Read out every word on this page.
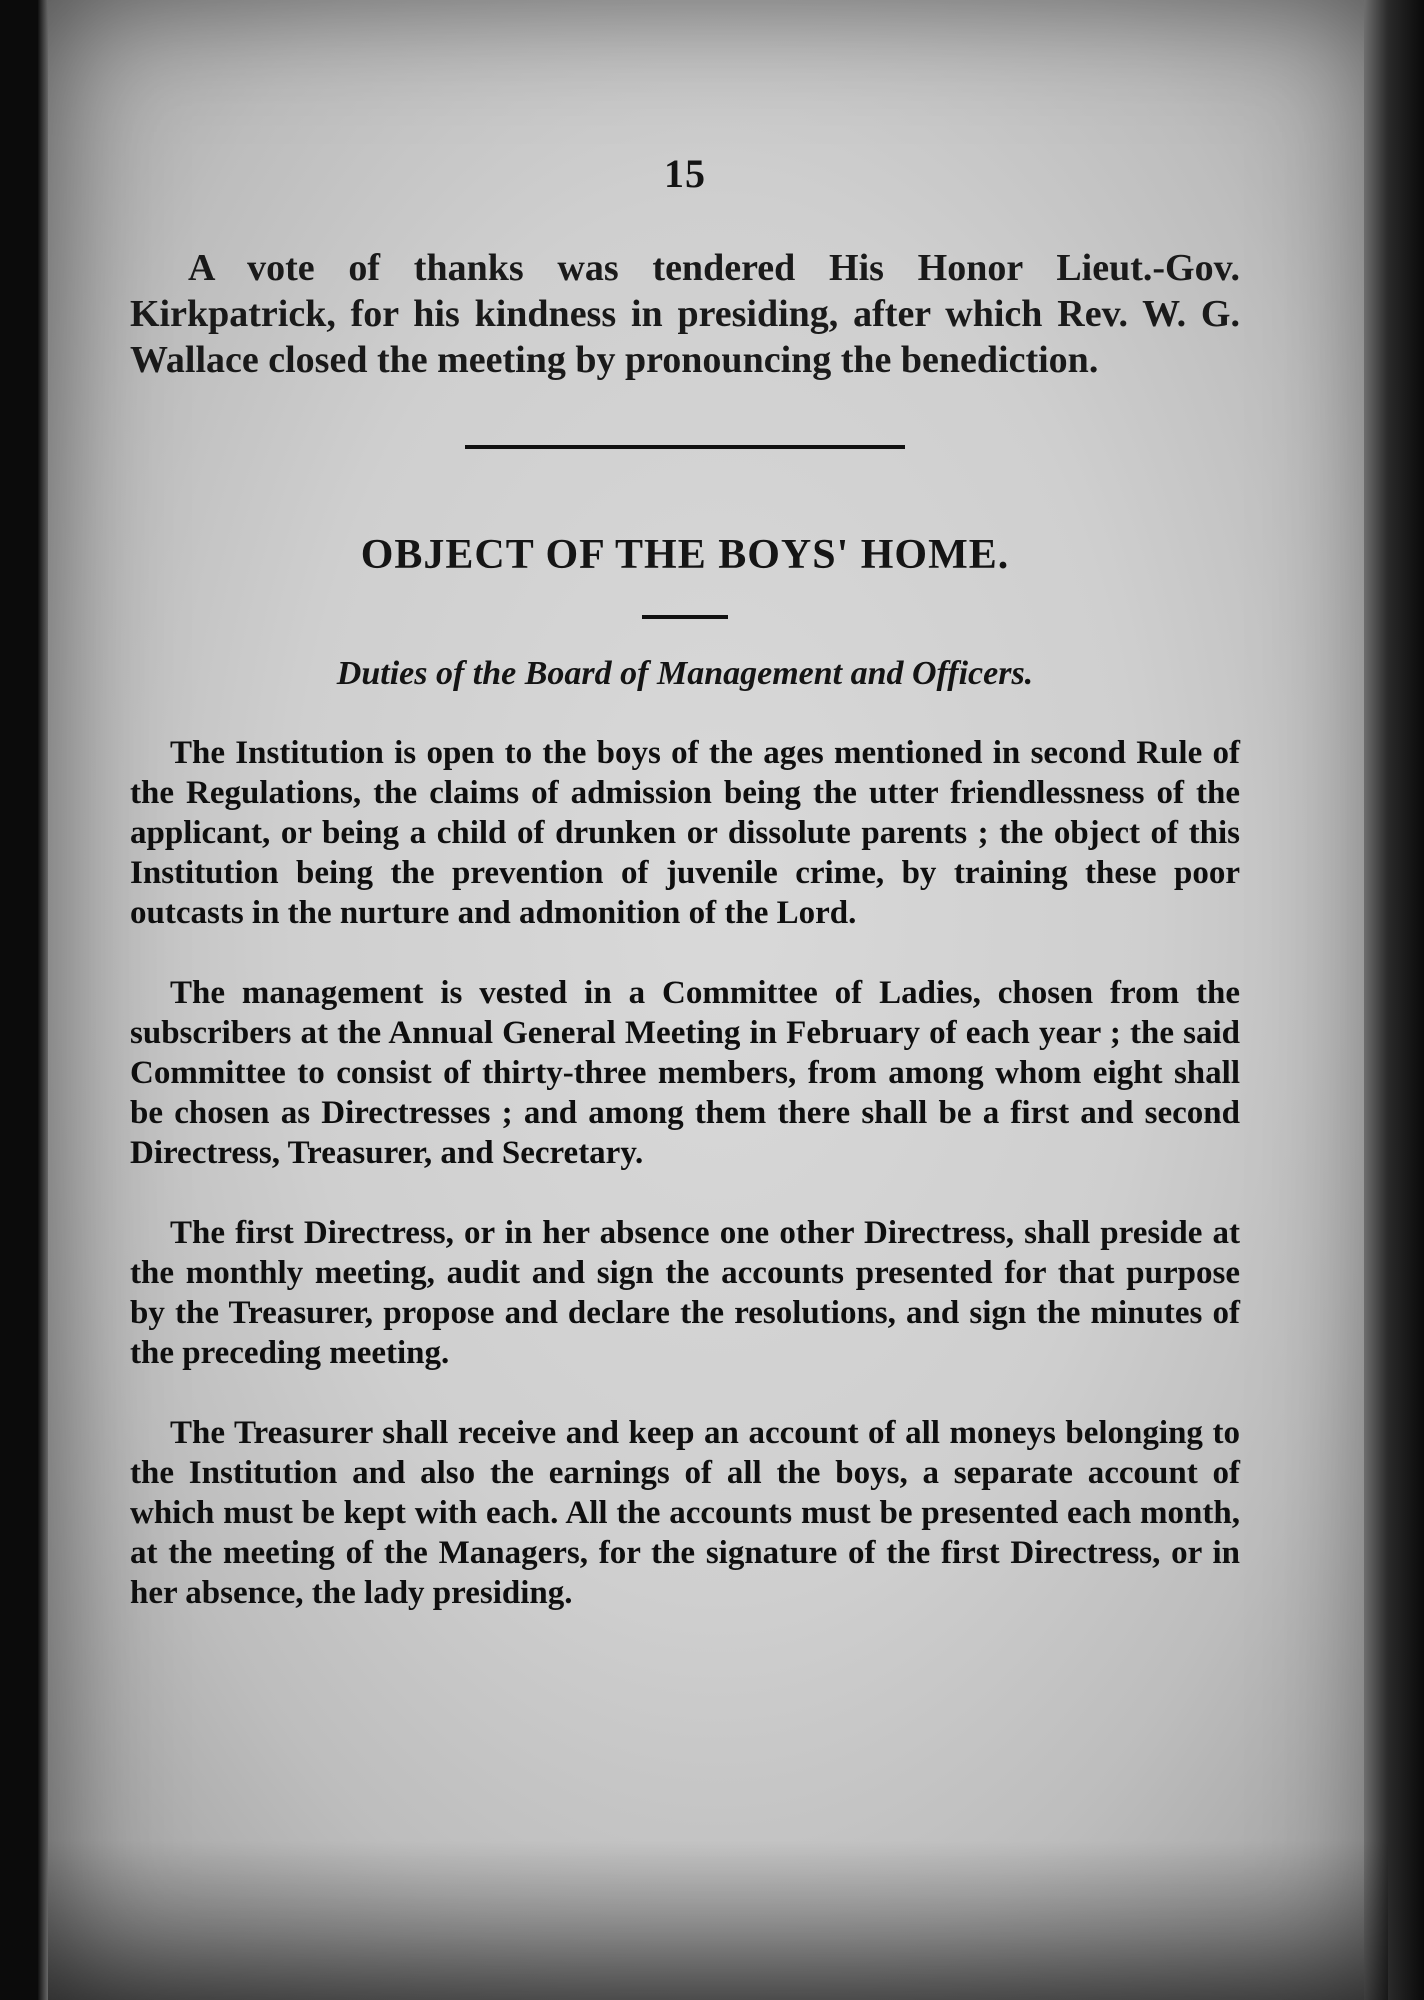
15

A vote of thanks was tendered His Honor Lieut.-Gov. Kirkpatrick, for his kindness in presiding, after which Rev. W. G. Wallace closed the meeting by pronouncing the benediction.

OBJECT OF THE BOYS' HOME.
Duties of the Board of Management and Officers.

The Institution is open to the boys of the ages mentioned in second Rule of the Regulations, the claims of admission being the utter friendlessness of the applicant, or being a child of drunken or dissolute parents ; the object of this Institution being the prevention of juvenile crime, by training these poor outcasts in the nurture and admonition of the Lord.

The management is vested in a Committee of Ladies, chosen from the subscribers at the Annual General Meeting in February of each year ; the said Committee to consist of thirty-three members, from among whom eight shall be chosen as Directresses ; and among them there shall be a first and second Directress, Treasurer, and Secretary.

The first Directress, or in her absence one other Directress, shall preside at the monthly meeting, audit and sign the accounts presented for that purpose by the Treasurer, propose and declare the resolutions, and sign the minutes of the preceding meeting.

The Treasurer shall receive and keep an account of all moneys belonging to the Institution and also the earnings of all the boys, a separate account of which must be kept with each. All the accounts must be presented each month, at the meeting of the Managers, for the signature of the first Directress, or in her absence, the lady presiding.
